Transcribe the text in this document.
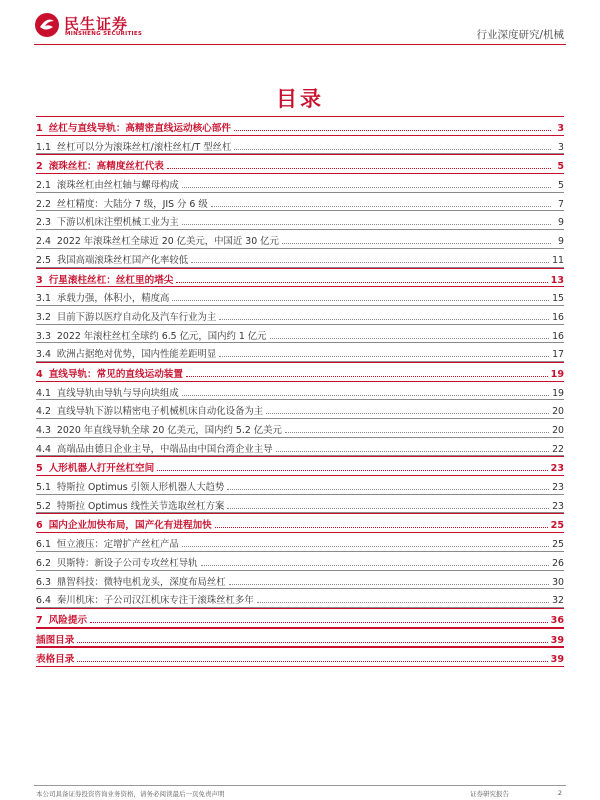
民生证券
MINSHENG SECURITIES	行业深度研究/机械
目录
1 丝杠与直线导轨：高精密直线运动核心部件	3
1.1 丝杠可以分为滚珠丝杠/滚柱丝杠/T 型丝杠	3
2 滚珠丝杠：高精度丝杠代表	5
2.1 滚珠丝杠由丝杠轴与螺母构成	5
2.2 丝杠精度：大陆分 7 级，JIS 分 6 级	7
2.3 下游以机床注塑机械工业为主	9
2.4 2022 年滚珠丝杠全球近 20 亿美元，中国近 30 亿元	9
2.5 我国高端滚珠丝杠国产化率较低	11
3 行星滚柱丝杠：丝杠里的塔尖	13
3.1 承载力强，体积小，精度高	15
3.2 目前下游以医疗自动化及汽车行业为主	16
3.3 2022 年滚柱丝杠全球约 6.5 亿元，国内约 1 亿元	16
3.4 欧洲占据绝对优势，国内性能差距明显	17
4 直线导轨：常见的直线运动装置	19
4.1 直线导轨由导轨与导向块组成	19
4.2 直线导轨下游以精密电子机械机床自动化设备为主	20
4.3 2020 年直线导轨全球 20 亿美元，国内约 5.2 亿美元	20
4.4 高端品由德日企业主导，中端品由中国台湾企业主导	22
5 人形机器人打开丝杠空间	23
5.1 特斯拉 Optimus 引领人形机器人大趋势	23
5.2 特斯拉 Optimus 线性关节选取丝杠方案	23
6 国内企业加快布局，国产化有进程加快	25
6.1 恒立液压：定增扩产丝杠产品	25
6.2 贝斯特：新设子公司专攻丝杠导轨	26
6.3 鼎智科技：微特电机龙头，深度布局丝杠	30
6.4 秦川机床：子公司汉江机床专注于滚珠丝杠多年	32
7 风险提示	36
插图目录	39
表格目录	39
本公司具备证券投资咨询业务资格，请务必阅读最后一页免责声明	证券研究报告	2
